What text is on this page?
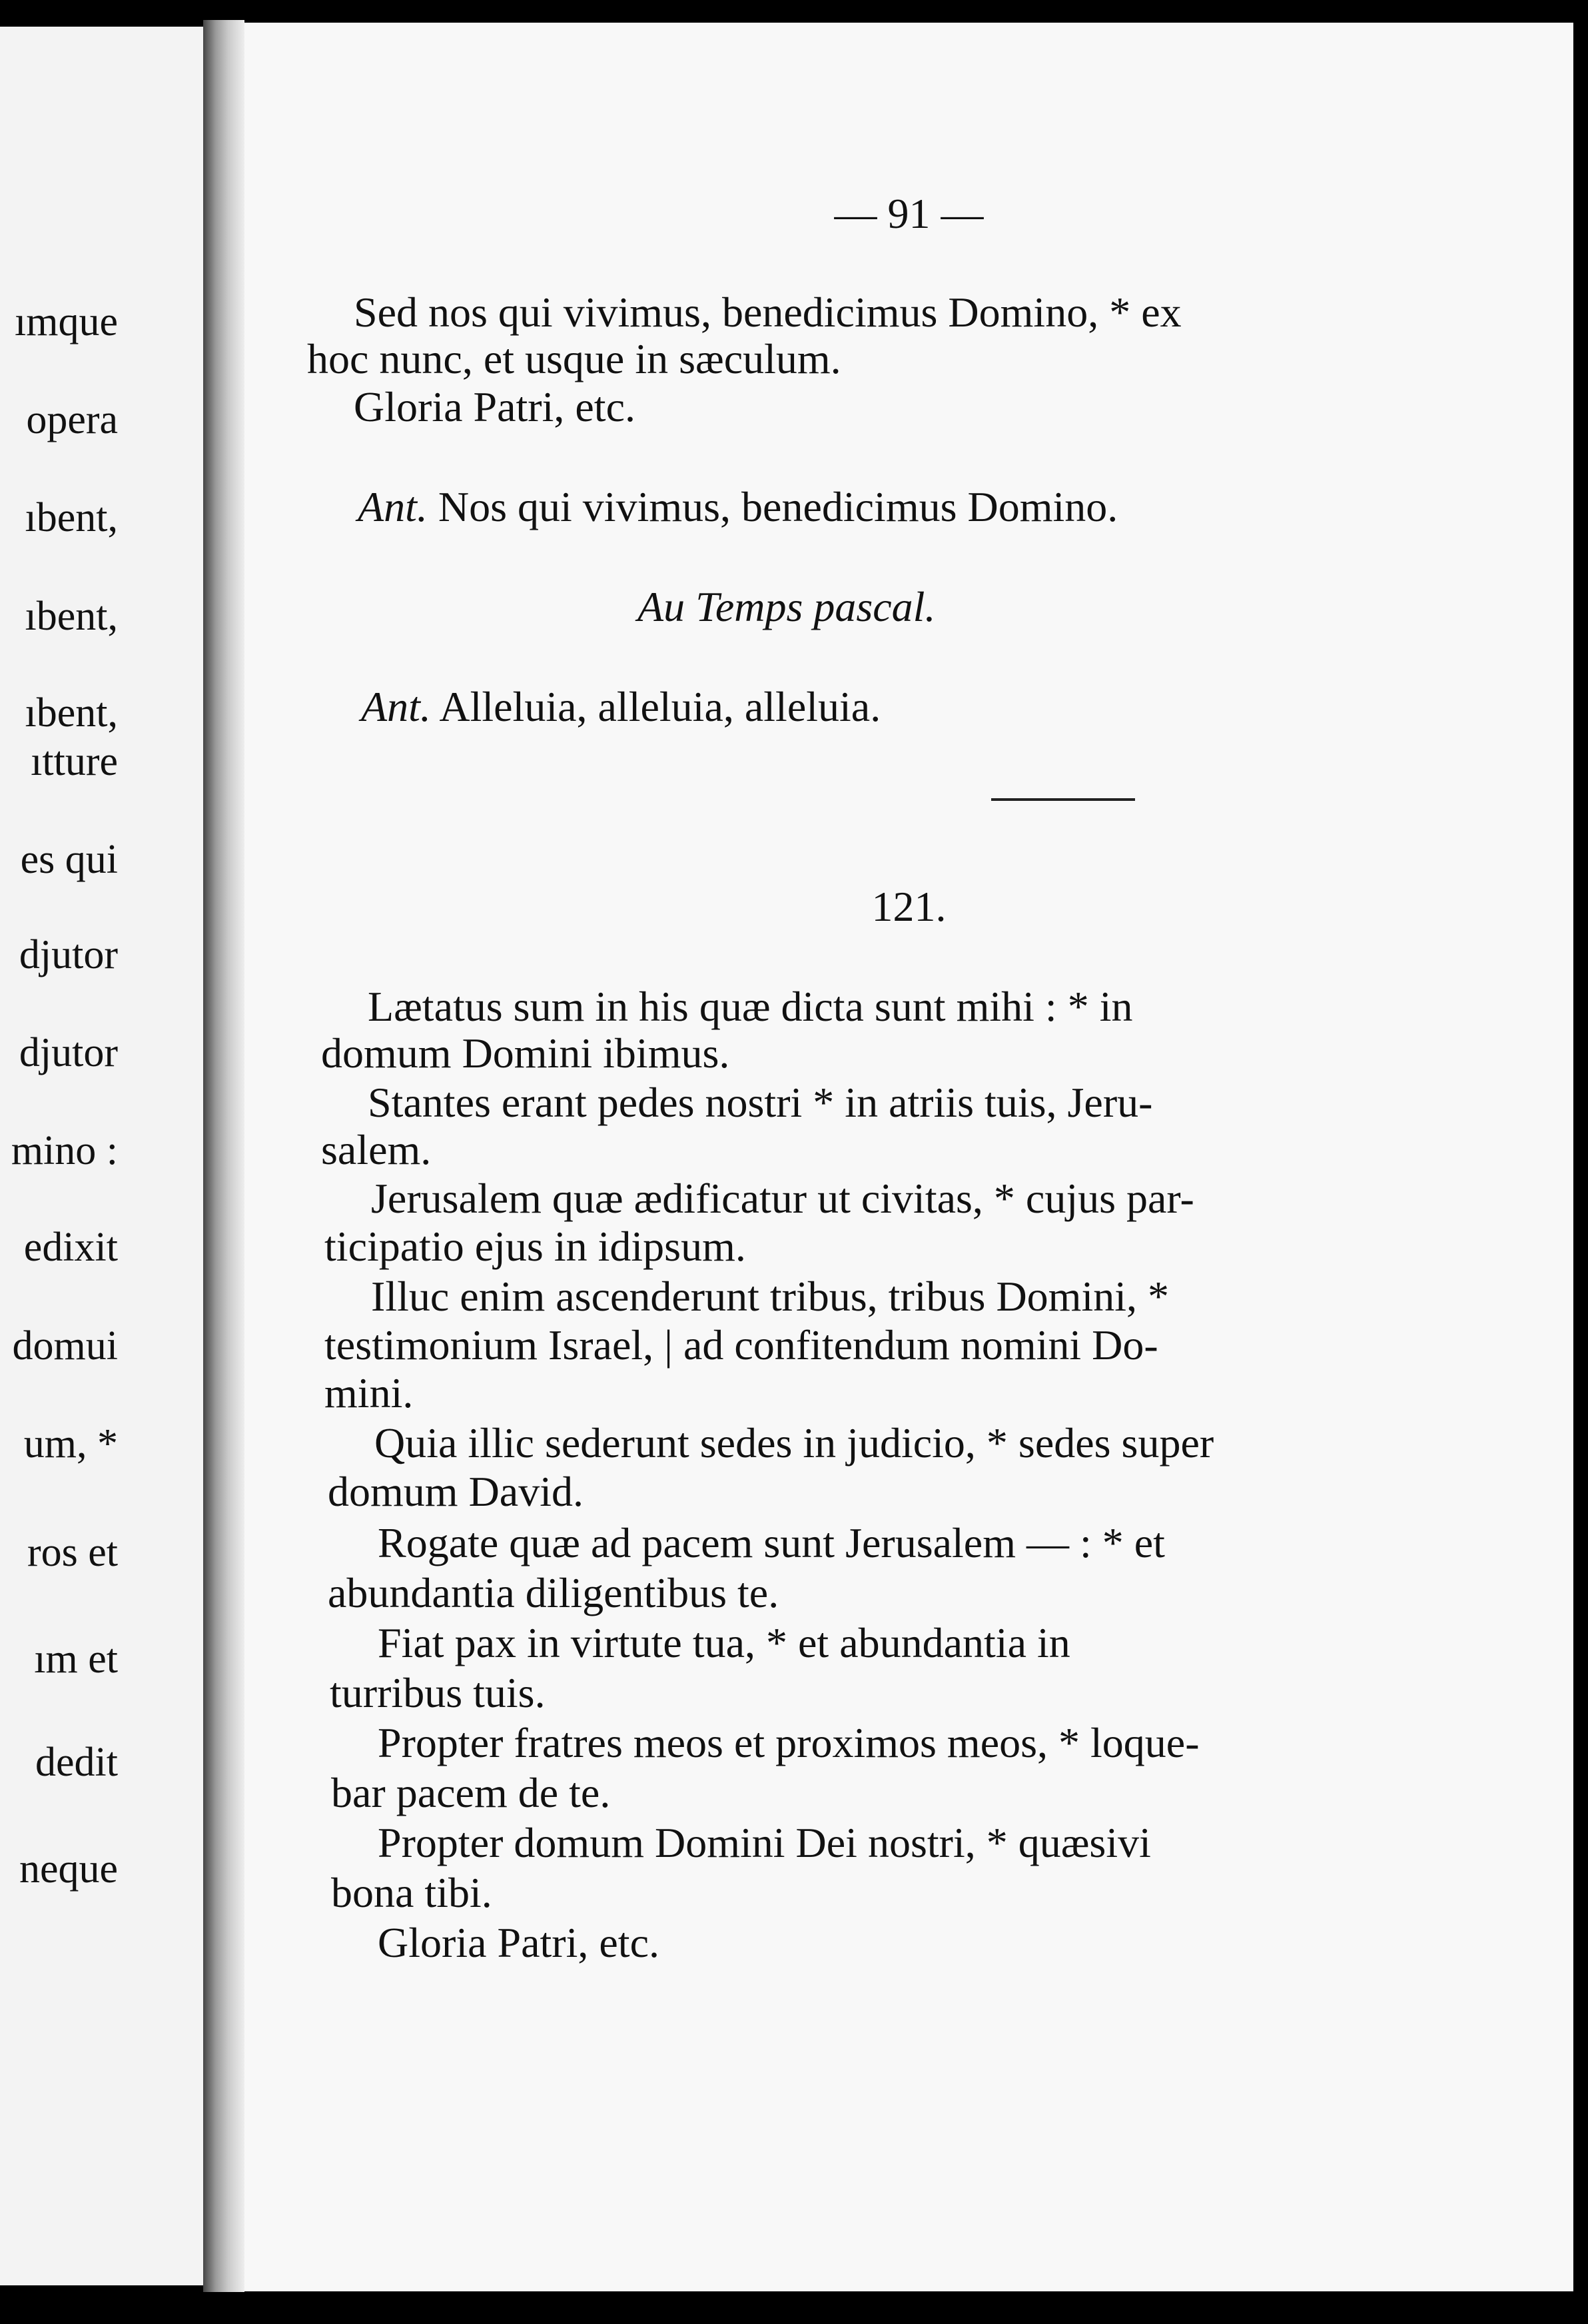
ımque
opera
ıbent,
ıbent,
ıbent,
ıtture
es qui
djutor
djutor
mino :
edixit
domui
um, *
ros et
ım et
dedit
neque
— 91 —
Sed nos qui vivimus, benedicimus Domino, * ex
hoc nunc, et usque in sæculum.
Gloria Patri, etc.
Ant. Nos qui vivimus, benedicimus Domino.
Au Temps pascal.
Ant. Alleluia, alleluia, alleluia.
121.
Lætatus sum in his quæ dicta sunt mihi : * in
domum Domini ibimus.
Stantes erant pedes nostri * in atriis tuis, Jeru-
salem.
Jerusalem quæ ædificatur ut civitas, * cujus par-
ticipatio ejus in idipsum.
Illuc enim ascenderunt tribus, tribus Domini, *
testimonium Israel, | ad confitendum nomini Do-
mini.
Quia illic sederunt sedes in judicio, * sedes super
domum David.
Rogate quæ ad pacem sunt Jerusalem — : * et
abundantia diligentibus te.
Fiat pax in virtute tua, * et abundantia in
turribus tuis.
Propter fratres meos et proximos meos, * loque-
bar pacem de te.
Propter domum Domini Dei nostri, * quæsivi
bona tibi.
Gloria Patri, etc.
